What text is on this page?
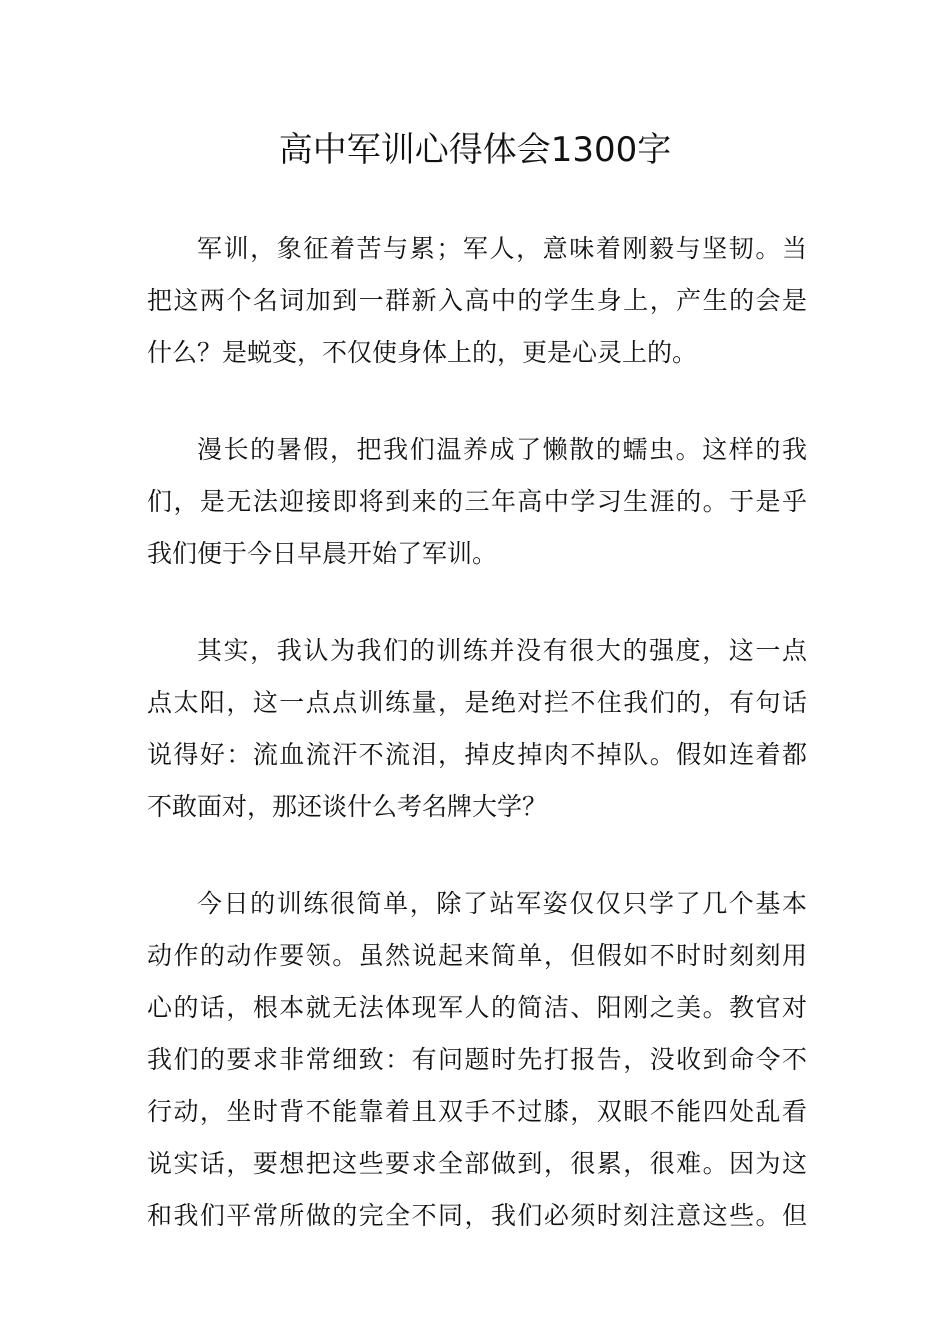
高中军训心得体会1300字
军训，象征着苦与累；军人，意味着刚毅与坚韧。当
把这两个名词加到一群新入高中的学生身上，产生的会是
什么？是蜕变，不仅使身体上的，更是心灵上的。
漫长的暑假，把我们温养成了懒散的蠕虫。这样的我
们，是无法迎接即将到来的三年高中学习生涯的。于是乎
我们便于今日早晨开始了军训。
其实，我认为我们的训练并没有很大的强度，这一点
点太阳，这一点点训练量，是绝对拦不住我们的，有句话
说得好：流血流汗不流泪，掉皮掉肉不掉队。假如连着都
不敢面对，那还谈什么考名牌大学？
今日的训练很简单，除了站军姿仅仅只学了几个基本
动作的动作要领。虽然说起来简单，但假如不时时刻刻用
心的话，根本就无法体现军人的简洁、阳刚之美。教官对
我们的要求非常细致：有问题时先打报告，没收到命令不
行动，坐时背不能靠着且双手不过膝，双眼不能四处乱看
说实话，要想把这些要求全部做到，很累，很难。因为这
和我们平常所做的完全不同，我们必须时刻注意这些。但
